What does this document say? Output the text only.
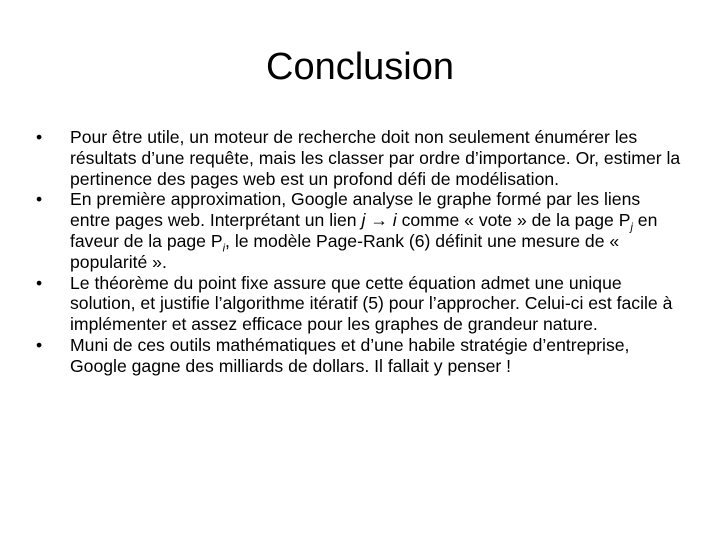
Conclusion
•	Pour être utile, un moteur de recherche doit non seulement énumérer les résultats d’une requête, mais les classer par ordre d’importance. Or, estimer la pertinence des pages web est un profond défi de modélisation.
•	En première approximation, Google analyse le graphe formé par les liens entre pages web. Interprétant un lien j → i comme « vote » de la page $P_j$ en faveur de la page $P_i$, le modèle Page-Rank (6) définit une mesure de « popularité ».
•	Le théorème du point fixe assure que cette équation admet une unique solution, et justifie l’algorithme itératif (5) pour l’approcher. Celui-ci est facile à implémenter et assez efficace pour les graphes de grandeur nature.
•	Muni de ces outils mathématiques et d’une habile stratégie d’entreprise, Google gagne des milliards de dollars. Il fallait y penser !
